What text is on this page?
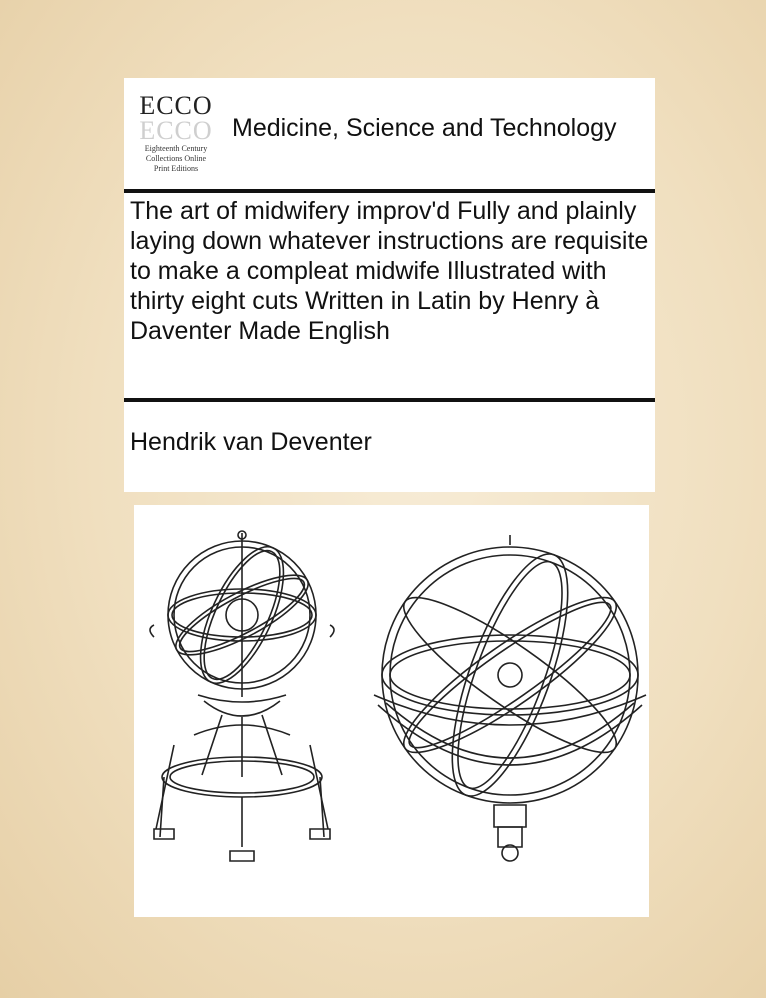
ECCO
ECCO
Eighteenth Century
Collections Online
Print Editions
Medicine, Science and Technology
The art of midwifery improv'd Fully and plainly laying down whatever instructions are requisite to make a compleat midwife Illustrated with thirty eight cuts Written in Latin by Henry à Daventer Made English
Hendrik van Deventer
